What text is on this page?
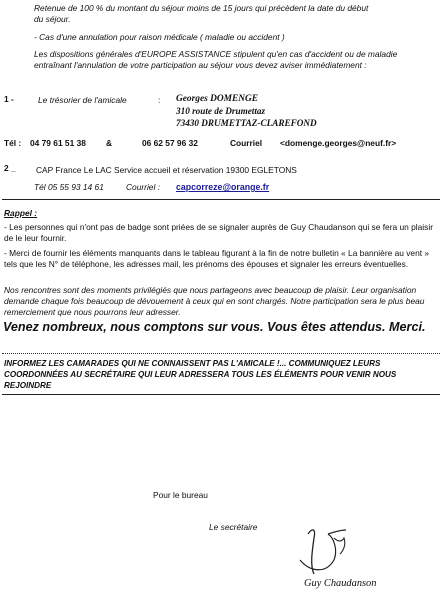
Retenue de 100 % du montant du séjour moins de 15 jours qui précèdent la date du début
du séjour.
- Cas d'une annulation pour raison médicale ( maladie ou accident )
Les dispositions générales d'EUROPE ASSISTANCE stipulent qu'en cas d'accident ou de maladie entraînant l'annulation de votre participation au séjour vous devez aviser immédiatement :
1 -	Le trésorier de l'amicale	: Georges DOMENGE
310 route de Drumettaz
73430 DRUMETTAZ-CLAREFOND
Tél : 04 79 61 51 38 &	06 62 57 96 32	Courriel <domenge.georges@neuf.fr>
2 _ CAP France Le LAC Service accueil et réservation 19300 EGLETONS
Tél 05 55 93 14 61	Courriel : capcorreze@orange.fr
Rappel :
- Les personnes qui n'ont pas de badge sont priées de se signaler auprès de Guy Chaudanson qui se fera un plaisir de le leur fournir.
- Merci de fournir les éléments manquants dans le tableau figurant à la fin de notre bulletin « La bannière au vent » tels que les N° de téléphone, les adresses mail, les prénoms des épouses et signaler les erreurs éventuelles.
Nos rencontres sont des moments privilégiés que nous partageons avec beaucoup de plaisir. Leur organisation demande chaque fois beaucoup de dévouement à ceux qui en sont chargés. Notre participation sera le plus beau remerciement que nous pourrons leur adresser.
Venez nombreux, nous comptons sur vous. Vous êtes attendus. Merci.
INFORMEZ LES CAMARADES QUI NE CONNAISSENT PAS L'AMICALE !... COMMUNIQUEZ LEURS COORDONNÉES AU SECRÉTAIRE QUI LEUR ADRESSERA TOUS LES ÉLÉMENTS POUR VENIR NOUS REJOINDRE
Pour le bureau
Le secrétaire
Guy Chaudanson
